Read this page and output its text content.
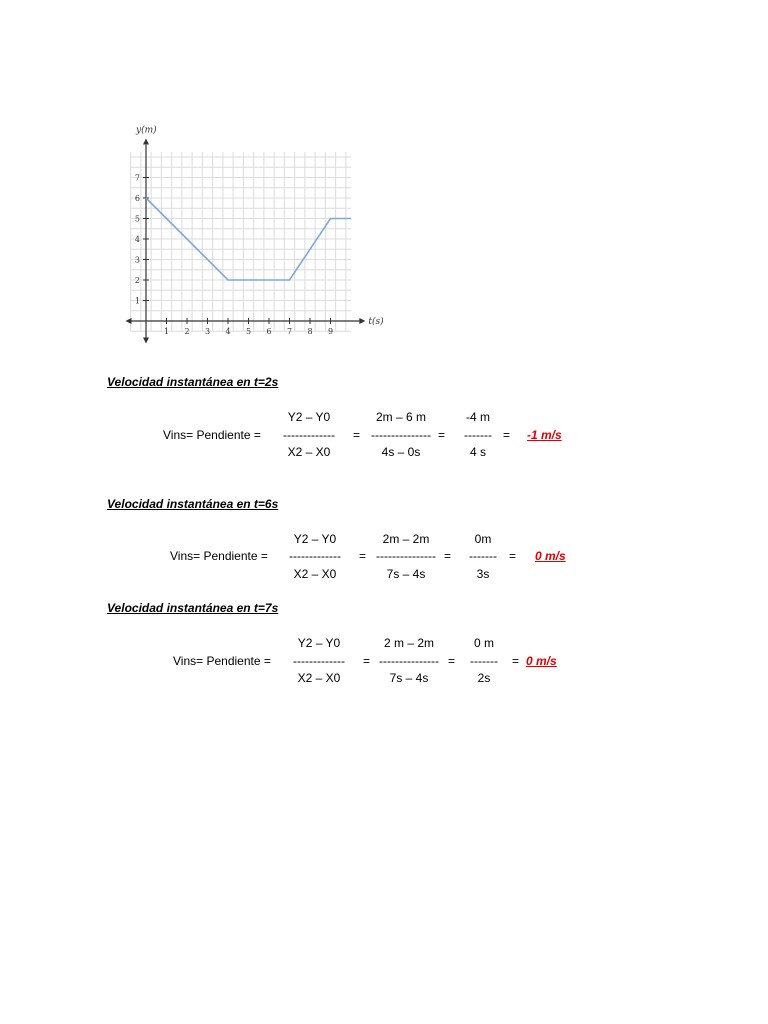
1 2 3 4 5 6 7 8 9
1
2
3
4
5
6
7
y(m)
t(s)
Velocidad instantánea en t=2s
Vins= Pendiente =
Y2 – Y0
-------------
X2 – X0
=
2m – 6 m
---------------
4s – 0s
=
-4 m
-------
4 s
= -1 m/s
Velocidad instantánea en t=6s
Vins= Pendiente =
Y2 – Y0
-------------
X2 – X0
=
2m – 2m
---------------
7s – 4s
=
0m
-------
3s
= 0 m/s
Velocidad instantánea en t=7s
Vins= Pendiente =
Y2 – Y0
-------------
X2 – X0
=
2 m – 2m
---------------
7s – 4s
=
0 m
-------
2s
= 0 m/s
